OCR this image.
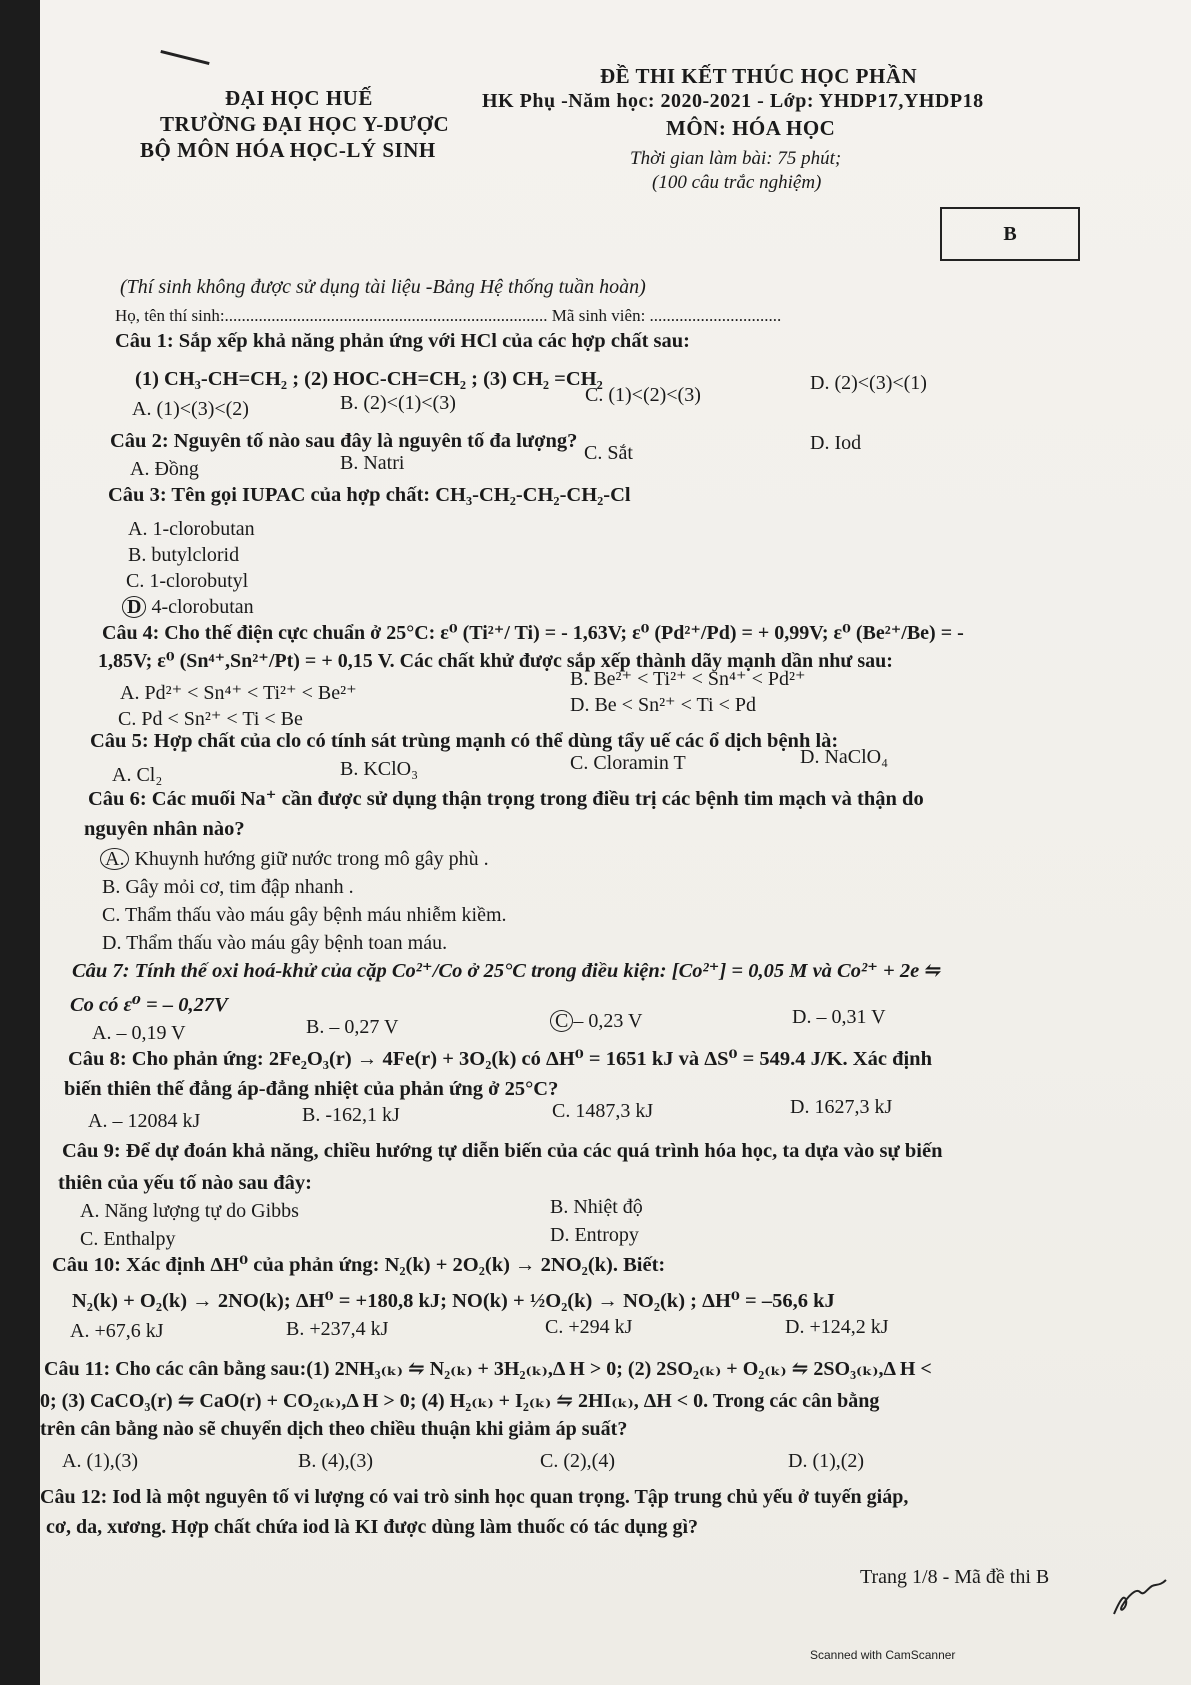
ĐẠI HỌC HUẾ
TRƯỜNG ĐẠI HỌC Y-DƯỢC
BỘ MÔN HÓA HỌC-LÝ SINH
ĐỀ THI KẾT THÚC HỌC PHẦN
HK Phụ -Năm học: 2020-2021 - Lớp: YHDP17,YHDP18
MÔN: HÓA HỌC
Thời gian làm bài: 75 phút;
(100 câu trắc nghiệm)
B
(Thí sinh không được sử dụng tài liệu -Bảng Hệ thống tuần hoàn)
Họ, tên thí sinh:............................................................................ Mã sinh viên: ...............................
Câu 1: Sắp xếp khả năng phản ứng với HCl của các hợp chất sau:
(1) CH₃-CH=CH₂ ; (2) HOC-CH=CH₂ ; (3) CH₂ =CH₂
A. (1)<(3)<(2)	B. (2)<(1)<(3)	C. (1)<(2)<(3)
D. (2)<(3)<(1)
Câu 2: Nguyên tố nào sau đây là nguyên tố đa lượng?
A. Đồng	B. Natri	C. Sắt	D. Iod
Câu 3: Tên gọi IUPAC của hợp chất: CH₃-CH₂-CH₂-CH₂-Cl
A. 1-clorobutan
B. butylclorid
C. 1-clorobutyl
D 4-clorobutan
Câu 4: Cho thế điện cực chuẩn ở 25°C: ε⁰ (Ti²⁺/ Ti) = - 1,63V; ε⁰ (Pd²⁺/Pd) = + 0,99V; ε⁰ (Be²⁺/Be) = -
1,85V; ε⁰ (Sn⁴⁺,Sn²⁺/Pt) = + 0,15 V. Các chất khử được sắp xếp thành dãy mạnh dần như sau:
A. Pd²⁺ < Sn⁴⁺ < Ti²⁺ < Be²⁺
B. Be²⁺ < Ti²⁺ < Sn⁴⁺ < Pd²⁺
C. Pd < Sn²⁺ < Ti < Be
D. Be < Sn²⁺ < Ti < Pd
Câu 5: Hợp chất của clo có tính sát trùng mạnh có thể dùng tẩy uế các ổ dịch bệnh là:
A. Cl₂	B. KClO₃	C. Cloramin T	D. NaClO₄
Câu 6: Các muối Na⁺ cần được sử dụng thận trọng trong điều trị các bệnh tim mạch và thận do
nguyên nhân nào?
A. Khuynh hướng giữ nước trong mô gây phù .
B. Gây mỏi cơ, tim đập nhanh .
C. Thẩm thấu vào máu gây bệnh máu nhiễm kiềm.
D. Thẩm thấu vào máu gây bệnh toan máu.
Câu 7: Tính thế oxi hoá-khử của cặp Co²⁺/Co ở 25°C trong điều kiện: [Co²⁺] = 0,05 M và Co²⁺ + 2e ⇋
Co có ε⁰ = – 0,27V
A. – 0,19 V	B. – 0,27 V	C – 0,23 V	D. – 0,31 V
Câu 8: Cho phản ứng: 2Fe₂O₃(r) → 4Fe(r) + 3O₂(k) có ΔH⁰ = 1651 kJ và ΔS⁰ = 549.4 J/K. Xác định
biến thiên thế đẳng áp-đẳng nhiệt của phản ứng ở 25°C?
A. – 12084 kJ	B. -162,1 kJ	C. 1487,3 kJ	D. 1627,3 kJ
Câu 9: Để dự đoán khả năng, chiều hướng tự diễn biến của các quá trình hóa học, ta dựa vào sự biến
thiên của yếu tố nào sau đây:
A. Năng lượng tự do Gibbs	B. Nhiệt độ
C. Enthalpy	D. Entropy
Câu 10: Xác định ΔH⁰ của phản ứng: N₂(k) + 2O₂(k) → 2NO₂(k). Biết:
N₂(k) + O₂(k) → 2NO(k); ΔH⁰ = +180,8 kJ; NO(k) + ½O₂(k) → NO₂(k) ; ΔH⁰ = –56,6 kJ
A. +67,6 kJ	B. +237,4 kJ	C. +294 kJ	D. +124,2 kJ
Câu 11: Cho các cân bằng sau:(1) 2NH₃₍ₖ₎ ⇋ N₂₍ₖ₎ + 3H₂₍ₖ₎,Δ H > 0; (2) 2SO₂₍ₖ₎ + O₂₍ₖ₎ ⇋ 2SO₃₍ₖ₎,Δ H <
0; (3) CaCO₃(r) ⇋ CaO(r) + CO₂₍ₖ₎,Δ H > 0; (4) H₂₍ₖ₎ + I₂₍ₖ₎ ⇋ 2HI₍ₖ₎, ΔH < 0. Trong các cân bằng
trên cân bằng nào sẽ chuyển dịch theo chiều thuận khi giảm áp suất?
A. (1),(3)	B. (4),(3)	C. (2),(4)	D. (1),(2)
Câu 12: Iod là một nguyên tố vi lượng có vai trò sinh học quan trọng. Tập trung chủ yếu ở tuyến giáp,
cơ, da, xương. Hợp chất chứa iod là KI được dùng làm thuốc có tác dụng gì?
Trang 1/8 - Mã đề thi B
Scanned with CamScanner
